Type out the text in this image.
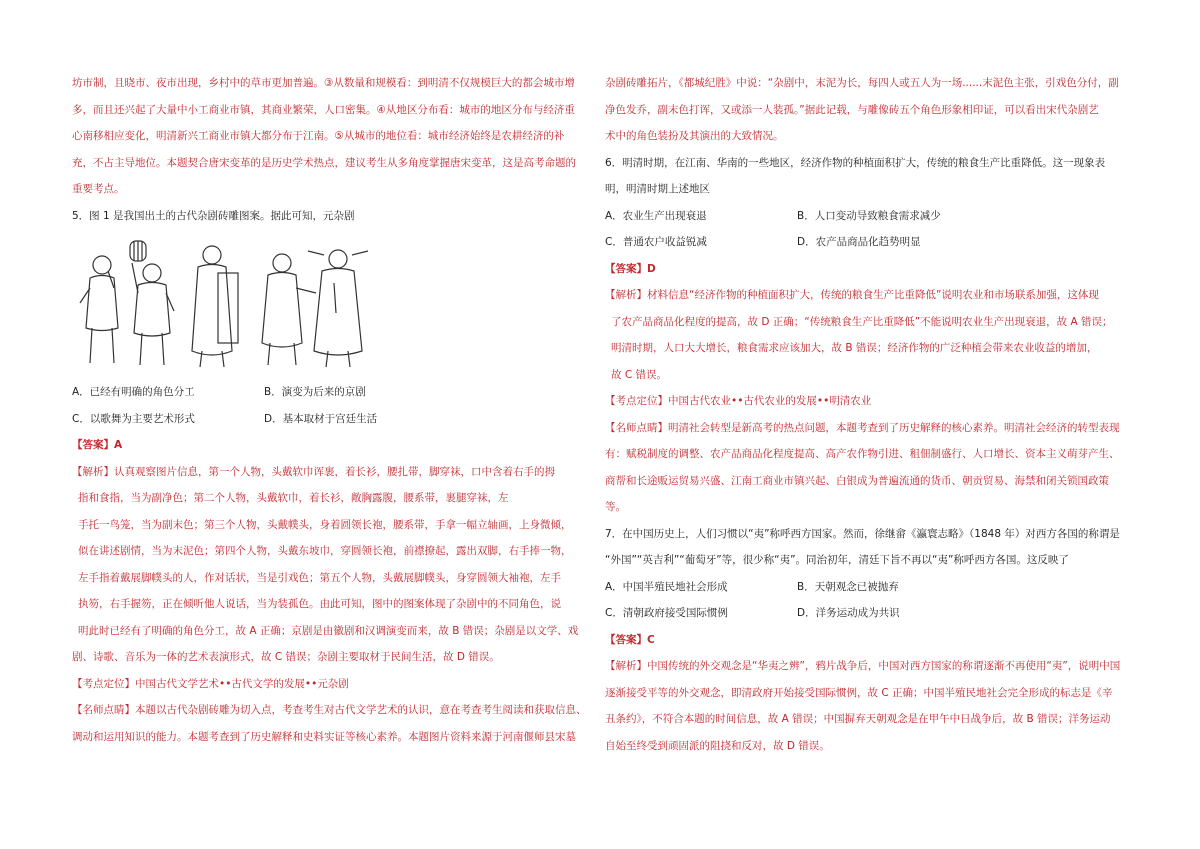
坊市制，且晓市、夜市出现，乡村中的草市更加普遍。③从数量和规模看：到明清不仅规模巨大的都会城市增

多，而且还兴起了大量中小工商业市镇，其商业繁荣，人口密集。④从地区分布看：城市的地区分布与经济重

心南移相应变化，明清新兴工商业市镇大都分布于江南。⑤从城市的地位看：城市经济始终是农耕经济的补

充，不占主导地位。本题契合唐宋变革的是历史学术热点，建议考生从多角度掌握唐宋变革，这是高考命题的

重要考点。

5．图 1 是我国出土的古代杂剧砖雕图案。据此可知，元杂剧

A．已经有明确的角色分工	B．演变为后来的京剧
C．以歌舞为主要艺术形式	D．基本取材于宫廷生活

【答案】A

【解析】认真观察图片信息，第一个人物，头戴软巾诨裹，着长衫，腰扎带，脚穿袜，口中含着右手的拇

指和食指，当为副净色；第二个人物，头戴软巾，着长衫，敞胸露腹，腰系带，裹腿穿袜，左

手托一鸟笼，当为副末色；第三个人物，头戴幞头，身着圆领长袍，腰系带，手拿一幅立轴画，上身微倾，

似在讲述剧情，当为末泥色；第四个人物，头戴东坡巾，穿圆领长袍，前襟撩起，露出双脚，右手捧一物，

左手指着戴展脚幞头的人，作对话状，当是引戏色；第五个人物，头戴展脚幞头，身穿圆领大袖袍，左手

执笏，右手握笏，正在倾听他人说话，当为装孤色。由此可知，图中的图案体现了杂剧中的不同角色，说

明此时已经有了明确的角色分工，故 A 正确；京剧是由徽剧和汉调演变而来，故 B 错误；杂剧是以文学、戏

剧、诗歌、音乐为一体的艺术表演形式，故 C 错误；杂剧主要取材于民间生活，故 D 错误。

【考点定位】中国古代文学艺术••古代文学的发展••元杂剧

【名师点睛】本题以古代杂剧砖雕为切入点，考查考生对古代文学艺术的认识，意在考查考生阅读和获取信息、

调动和运用知识的能力。本题考查到了历史解释和史料实证等核心素养。本题图片资料来源于河南偃师县宋墓

杂剧砖雕拓片，《都城纪胜》中说：“杂剧中，末泥为长，每四人或五人为一场......末泥色主张，引戏色分付，副

净色发乔，副末色打诨，又或添一人装孤。”据此记载，与雕像砖五个角色形象相印证，可以看出宋代杂剧艺

术中的角色装扮及其演出的大致情况。

6．明清时期，在江南、华南的一些地区，经济作物的种植面积扩大，传统的粮食生产比重降低。这一现象表

明，明清时期上述地区

A．农业生产出现衰退	B．人口变动导致粮食需求减少
C．普通农户收益锐减	D．农产品商品化趋势明显

【答案】D

【解析】材料信息“经济作物的种植面积扩大，传统的粮食生产比重降低”说明农业和市场联系加强，这体现

了农产品商品化程度的提高，故 D 正确；“传统粮食生产比重降低”不能说明农业生产出现衰退，故 A 错误；

明清时期，人口大大增长，粮食需求应该加大，故 B 错误；经济作物的广泛种植会带来农业收益的增加，

故 C 错误。

【考点定位】中国古代农业••古代农业的发展••明清农业

【名师点睛】明清社会转型是新高考的热点问题，本题考查到了历史解释的核心素养。明清社会经济的转型表现

有：赋税制度的调整、农产品商品化程度提高、高产农作物引进、租佃制盛行、人口增长、资本主义萌芽产生、

商帮和长途贩运贸易兴盛、江南工商业市镇兴起、白银成为普遍流通的货币、朝贡贸易、海禁和闭关锁国政策

等。

7．在中国历史上，人们习惯以“夷”称呼西方国家。然而，徐继畲《瀛寰志略》（1848 年）对西方各国的称谓是

“外国”“英吉利”“葡萄牙”等，很少称“夷”。同治初年，清廷下旨不再以“夷”称呼西方各国。这反映了

A．中国半殖民地社会形成	B．天朝观念已被抛弃
C．清朝政府接受国际惯例	D．洋务运动成为共识

【答案】C

【解析】中国传统的外交观念是“华夷之辨”，鸦片战争后，中国对西方国家的称谓逐渐不再使用“夷”，说明中国

逐渐接受平等的外交观念，即清政府开始接受国际惯例，故 C 正确；中国半殖民地社会完全形成的标志是《辛

丑条约》，不符合本题的时间信息，故 A 错误；中国摒弃天朝观念是在甲午中日战争后，故 B 错误；洋务运动

自始至终受到顽固派的阻挠和反对，故 D 错误。
